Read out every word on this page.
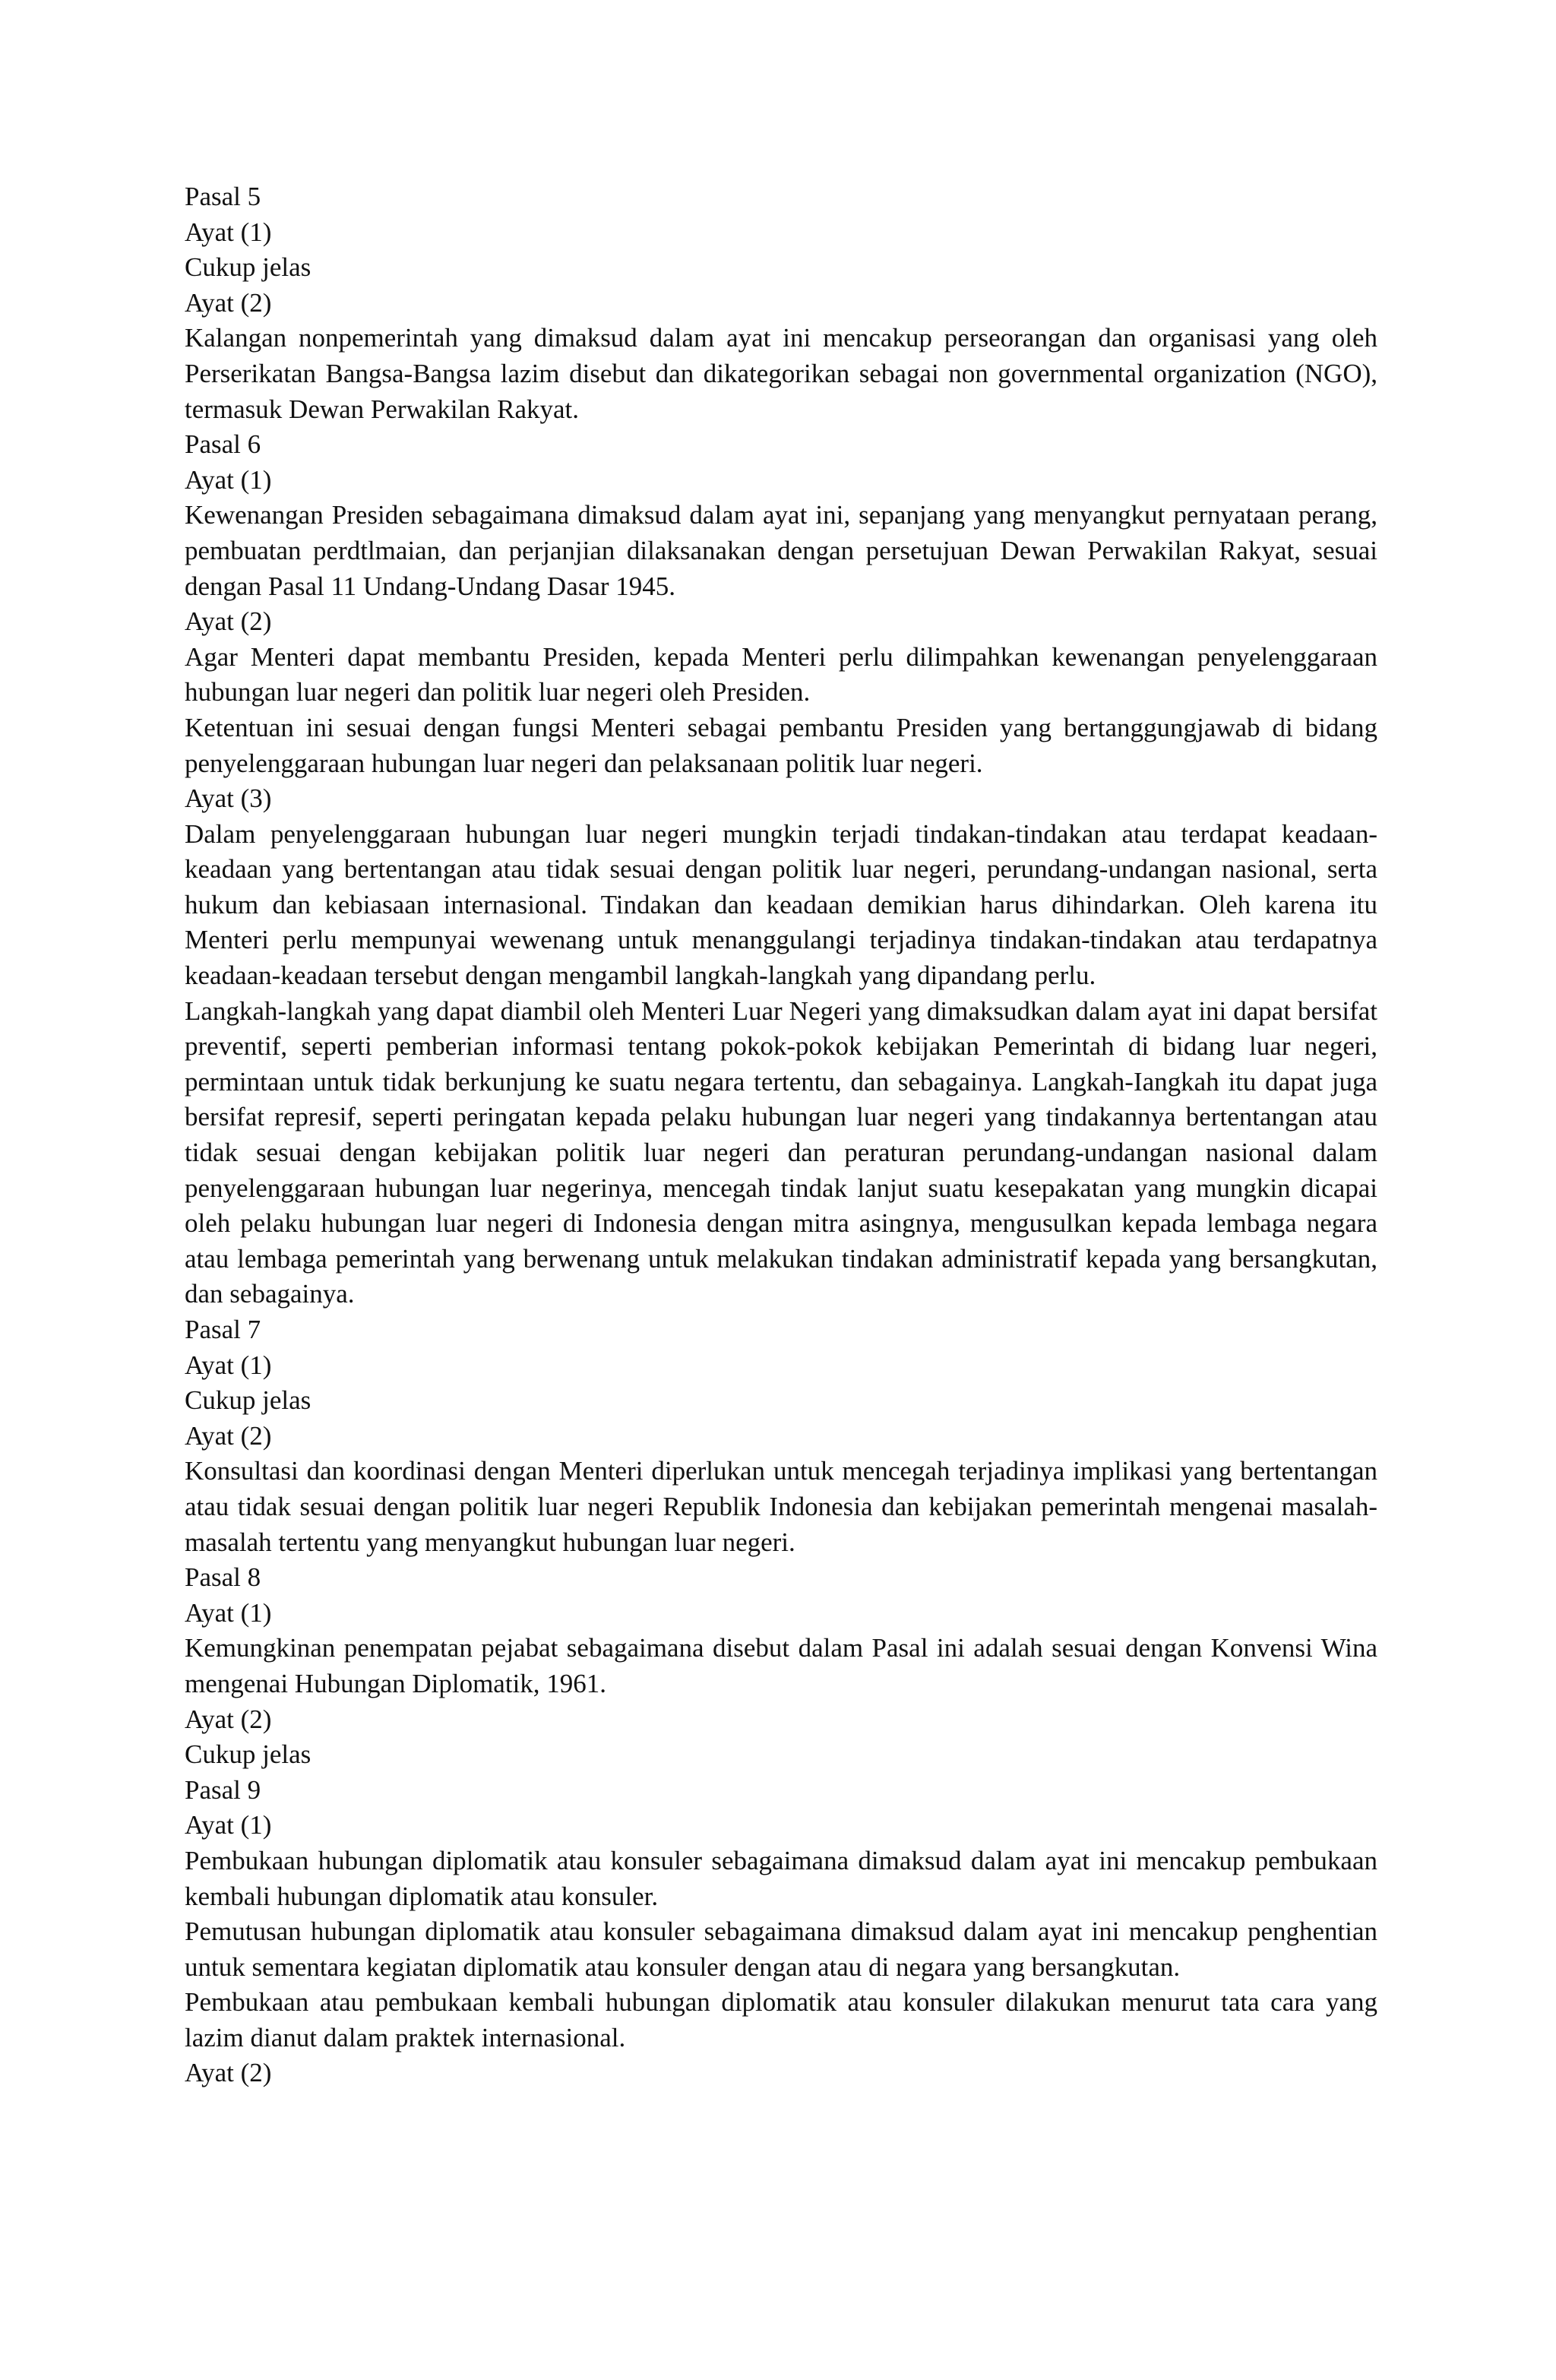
Pasal 5
Ayat (1)
Cukup jelas
Ayat (2)
Kalangan nonpemerintah yang dimaksud dalam ayat ini mencakup perseorangan dan organisasi yang oleh Perserikatan Bangsa-Bangsa lazim disebut dan dikategorikan sebagai non governmental organization (NGO), termasuk Dewan Perwakilan Rakyat.
Pasal 6
Ayat (1)
Kewenangan Presiden sebagaimana dimaksud dalam ayat ini, sepanjang yang menyangkut pernyataan perang, pembuatan perdtlmaian, dan perjanjian dilaksanakan dengan persetujuan Dewan Perwakilan Rakyat, sesuai dengan Pasal 11 Undang-Undang Dasar 1945.
Ayat (2)
Agar Menteri dapat membantu Presiden, kepada Menteri perlu dilimpahkan kewenangan penyelenggaraan hubungan luar negeri dan politik luar negeri oleh Presiden.
Ketentuan ini sesuai dengan fungsi Menteri sebagai pembantu Presiden yang bertanggungjawab di bidang penyelenggaraan hubungan luar negeri dan pelaksanaan politik luar negeri.
Ayat (3)
Dalam penyelenggaraan hubungan luar negeri mungkin terjadi tindakan-tindakan atau terdapat keadaan-keadaan yang bertentangan atau tidak sesuai dengan politik luar negeri, perundang-undangan nasional, serta hukum dan kebiasaan internasional. Tindakan dan keadaan demikian harus dihindarkan. Oleh karena itu Menteri perlu mempunyai wewenang untuk menanggulangi terjadinya tindakan-tindakan atau terdapatnya keadaan-keadaan tersebut dengan mengambil langkah-langkah yang dipandang perlu.
Langkah-langkah yang dapat diambil oleh Menteri Luar Negeri yang dimaksudkan dalam ayat ini dapat bersifat preventif, seperti pemberian informasi tentang pokok-pokok kebijakan Pemerintah di bidang luar negeri, permintaan untuk tidak berkunjung ke suatu negara tertentu, dan sebagainya. Langkah-Iangkah itu dapat juga bersifat represif, seperti peringatan kepada pelaku hubungan luar negeri yang tindakannya bertentangan atau tidak sesuai dengan kebijakan politik luar negeri dan peraturan perundang-undangan nasional dalam penyelenggaraan hubungan luar negerinya, mencegah tindak lanjut suatu kesepakatan yang mungkin dicapai oleh pelaku hubungan luar negeri di Indonesia dengan mitra asingnya, mengusulkan kepada lembaga negara atau lembaga pemerintah yang berwenang untuk melakukan tindakan administratif kepada yang bersangkutan, dan sebagainya.
Pasal 7
Ayat (1)
Cukup jelas
Ayat (2)
Konsultasi dan koordinasi dengan Menteri diperlukan untuk mencegah terjadinya implikasi yang bertentangan atau tidak sesuai dengan politik luar negeri Republik Indonesia dan kebijakan pemerintah mengenai masalah-masalah tertentu yang menyangkut hubungan luar negeri.
Pasal 8
Ayat (1)
Kemungkinan penempatan pejabat sebagaimana disebut dalam Pasal ini adalah sesuai dengan Konvensi Wina mengenai Hubungan Diplomatik, 1961.
Ayat (2)
Cukup jelas
Pasal 9
Ayat (1)
Pembukaan hubungan diplomatik atau konsuler sebagaimana dimaksud dalam ayat ini mencakup pembukaan kembali hubungan diplomatik atau konsuler.
Pemutusan hubungan diplomatik atau konsuler sebagaimana dimaksud dalam ayat ini mencakup penghentian untuk sementara kegiatan diplomatik atau konsuler dengan atau di negara yang bersangkutan.
Pembukaan atau pembukaan kembali hubungan diplomatik atau konsuler dilakukan menurut tata cara yang lazim dianut dalam praktek internasional.
Ayat (2)
